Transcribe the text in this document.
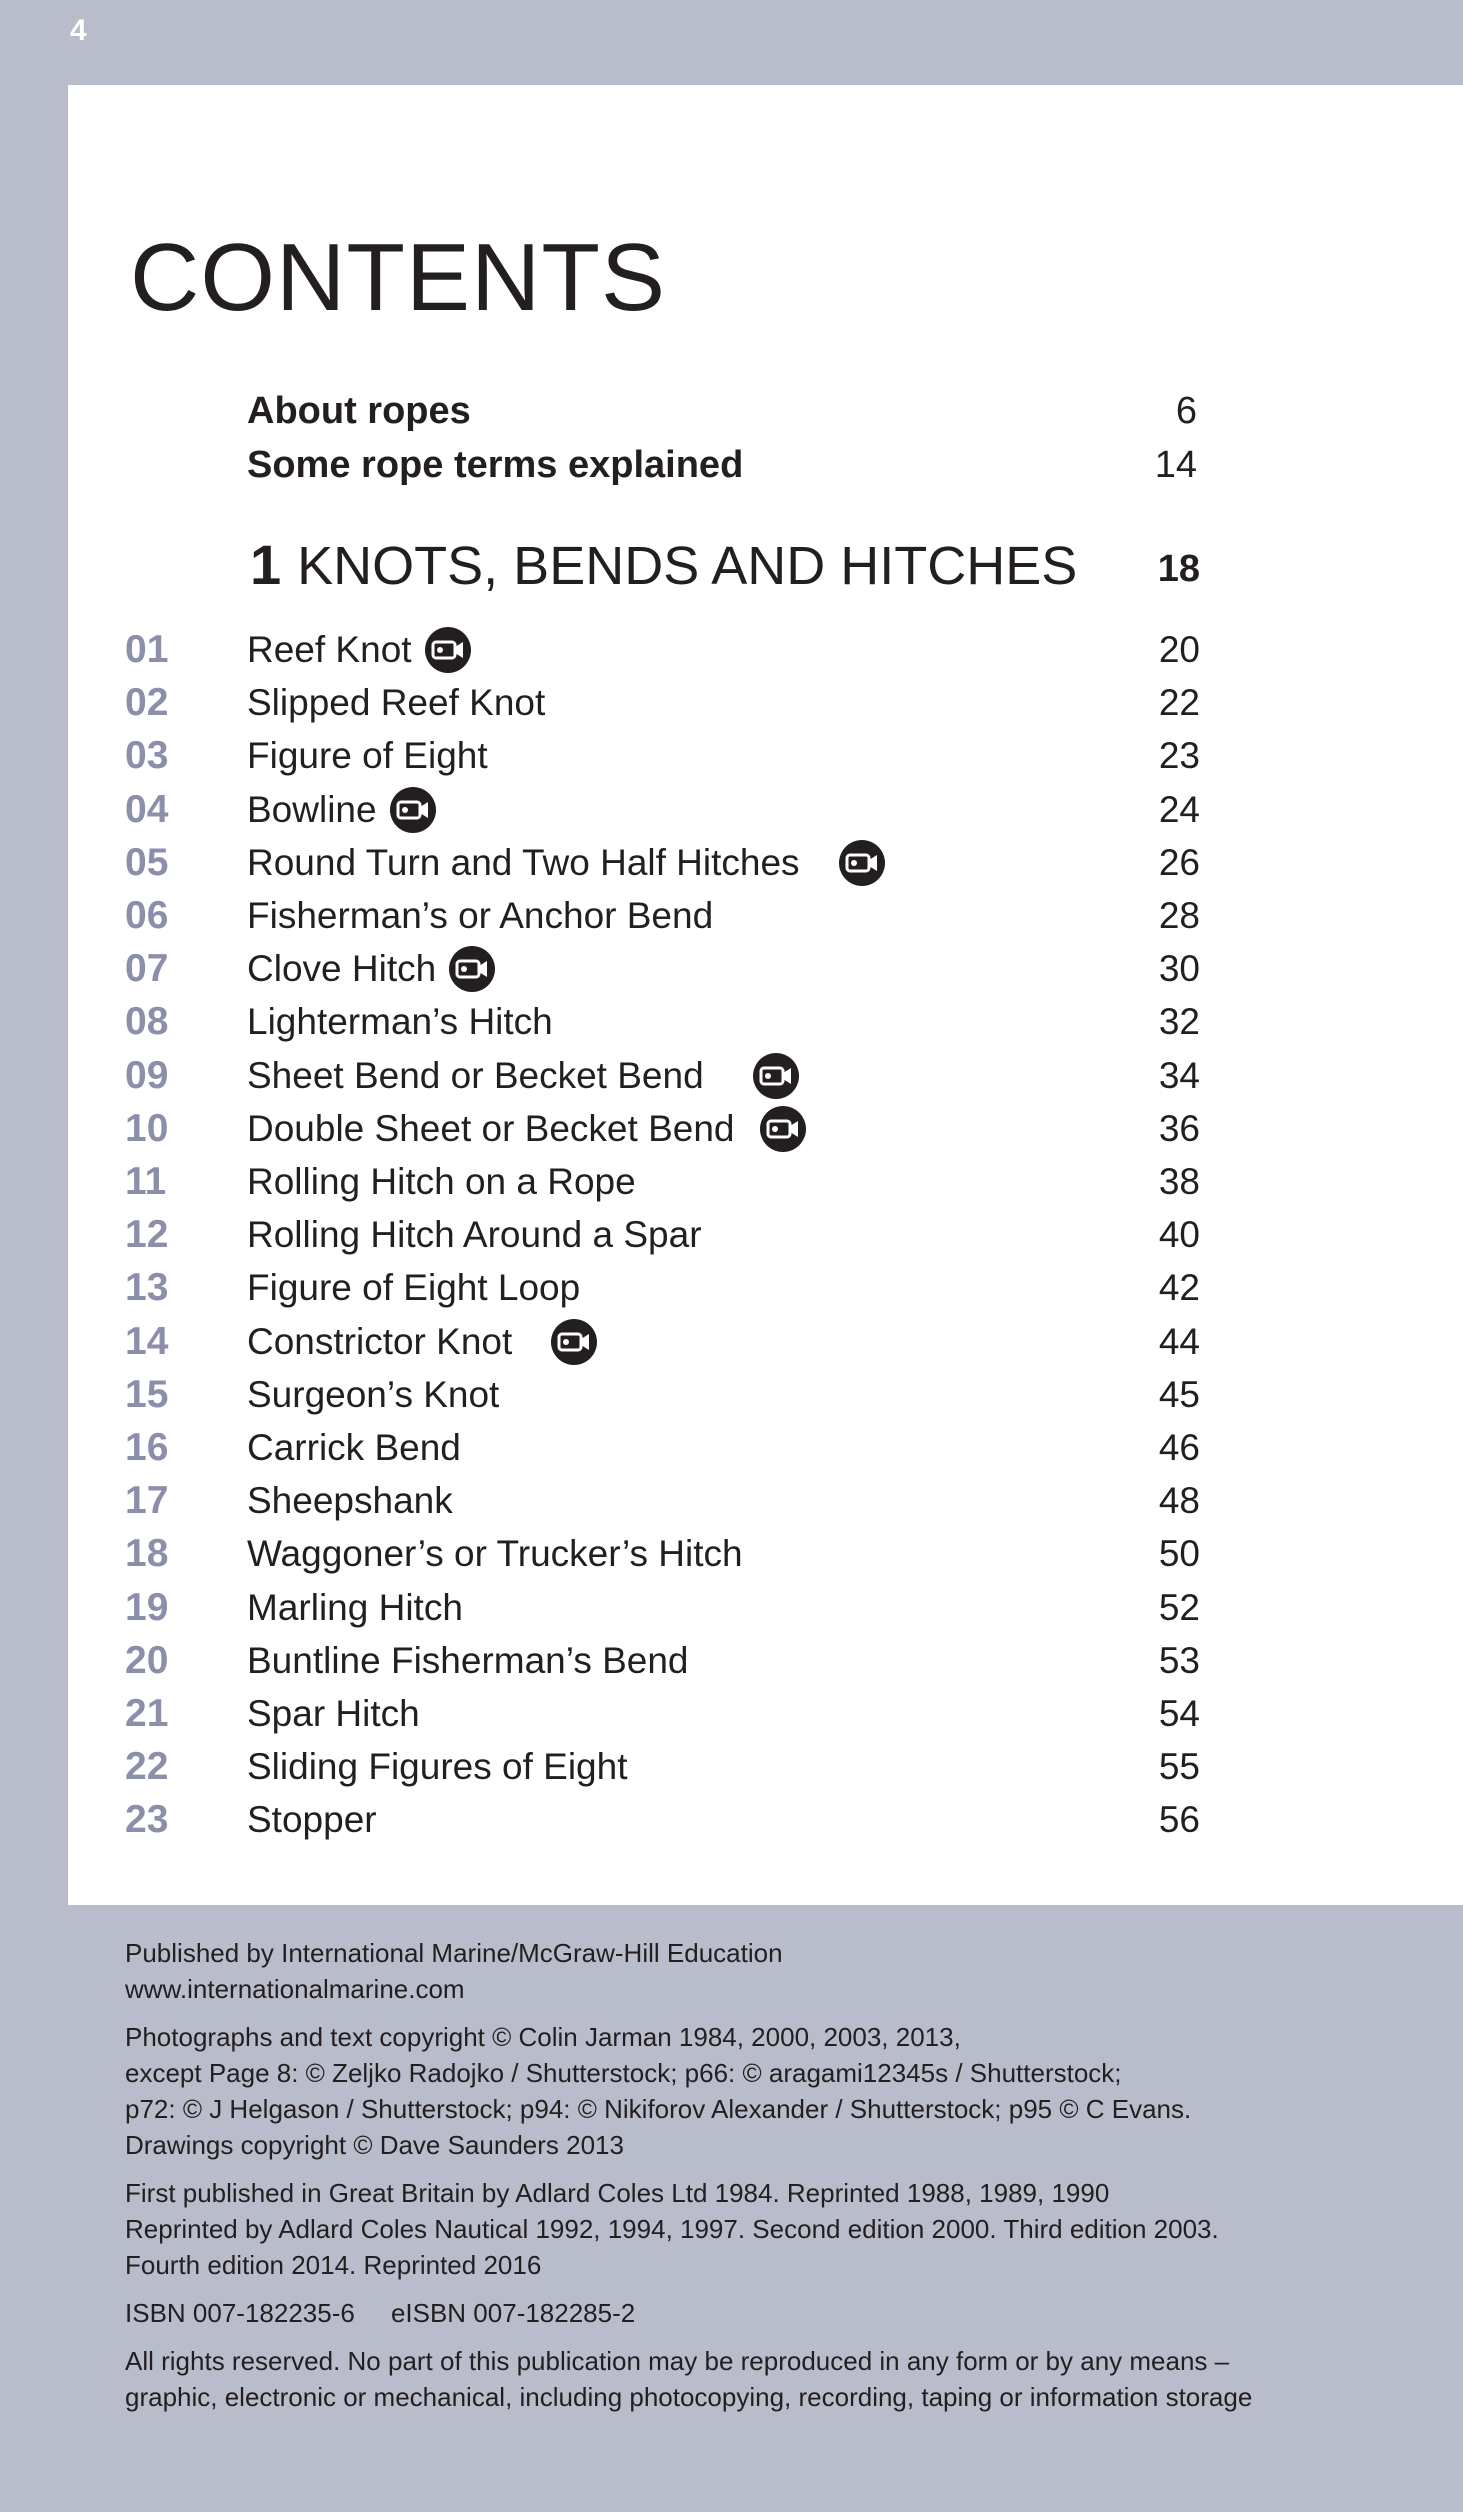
4
CONTENTS
About ropes	6
Some rope terms explained	14
1 KNOTS, BENDS AND HITCHES 18
01	Reef Knot	20
02	Slipped Reef Knot	22
03	Figure of Eight	23
04	Bowline	24
05	Round Turn and Two Half Hitches	26
06	Fisherman’s or Anchor Bend	28
07	Clove Hitch	30
08	Lighterman’s Hitch	32
09	Sheet Bend or Becket Bend	34
10	Double Sheet or Becket Bend	36
11	Rolling Hitch on a Rope	38
12	Rolling Hitch Around a Spar	40
13	Figure of Eight Loop	42
14	Constrictor Knot	44
15	Surgeon’s Knot	45
16	Carrick Bend	46
17	Sheepshank	48
18	Waggoner’s or Trucker’s Hitch	50
19	Marling Hitch	52
20	Buntline Fisherman’s Bend	53
21	Spar Hitch	54
22	Sliding Figures of Eight	55
23	Stopper	56

Published by International Marine/McGraw-Hill Education
www.internationalmarine.com

Photographs and text copyright © Colin Jarman 1984, 2000, 2003, 2013,
except Page 8: © Zeljko Radojko / Shutterstock; p66: © aragami12345s / Shutterstock;
p72: © J Helgason / Shutterstock; p94: © Nikiforov Alexander / Shutterstock; p95 © C Evans.
Drawings copyright © Dave Saunders 2013

First published in Great Britain by Adlard Coles Ltd 1984. Reprinted 1988, 1989, 1990
Reprinted by Adlard Coles Nautical 1992, 1994, 1997. Second edition 2000. Third edition 2003.
Fourth edition 2014. Reprinted 2016

ISBN 007-182235-6     eISBN 007-182285-2

All rights reserved. No part of this publication may be reproduced in any form or by any means –
graphic, electronic or mechanical, including photocopying, recording, taping or information storage
